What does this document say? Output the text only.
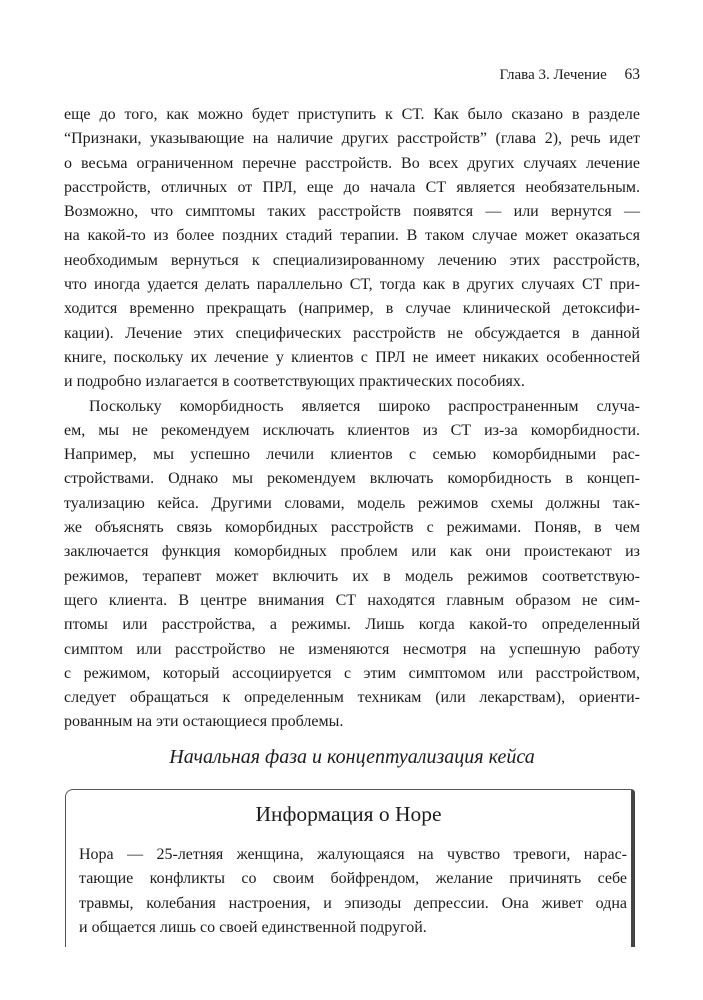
Глава 3. Лечение 63
еще до того, как можно будет приступить к СТ. Как было сказано в разделе
“Признаки, указывающие на наличие других расстройств” (глава 2), речь идет
о весьма ограниченном перечне расстройств. Во всех других случаях лечение
расстройств, отличных от ПРЛ, еще до начала СТ является необязательным.
Возможно, что симптомы таких расстройств появятся — или вернутся —
на какой-то из более поздних стадий терапии. В таком случае может оказаться
необходимым вернуться к специализированному лечению этих расстройств,
что иногда удается делать параллельно СТ, тогда как в других случаях СТ при-
ходится временно прекращать (например, в случае клинической детоксифи-
кации). Лечение этих специфических расстройств не обсуждается в данной
книге, поскольку их лечение у клиентов с ПРЛ не имеет никаких особенностей
и подробно излагается в соответствующих практических пособиях.
Поскольку коморбидность является широко распространенным случа-
ем, мы не рекомендуем исключать клиентов из СТ из-за коморбидности.
Например, мы успешно лечили клиентов с семью коморбидными рас-
стройствами. Однако мы рекомендуем включать коморбидность в концеп-
туализацию кейса. Другими словами, модель режимов схемы должны так-
же объяснять связь коморбидных расстройств с режимами. Поняв, в чем
заключается функция коморбидных проблем или как они проистекают из
режимов, терапевт может включить их в модель режимов соответствую-
щего клиента. В центре внимания СТ находятся главным образом не сим-
птомы или расстройства, а режимы. Лишь когда какой-то определенный
симптом или расстройство не изменяются несмотря на успешную работу
с режимом, который ассоциируется с этим симптомом или расстройством,
следует обращаться к определенным техникам (или лекарствам), ориенти-
рованным на эти остающиеся проблемы.
Начальная фаза и концептуализация кейса
Информация о Норе
Нора — 25-летняя женщина, жалующаяся на чувство тревоги, нарас-
тающие конфликты со своим бойфрендом, желание причинять себе
травмы, колебания настроения, и эпизоды депрессии. Она живет одна
и общается лишь со своей единственной подругой.
